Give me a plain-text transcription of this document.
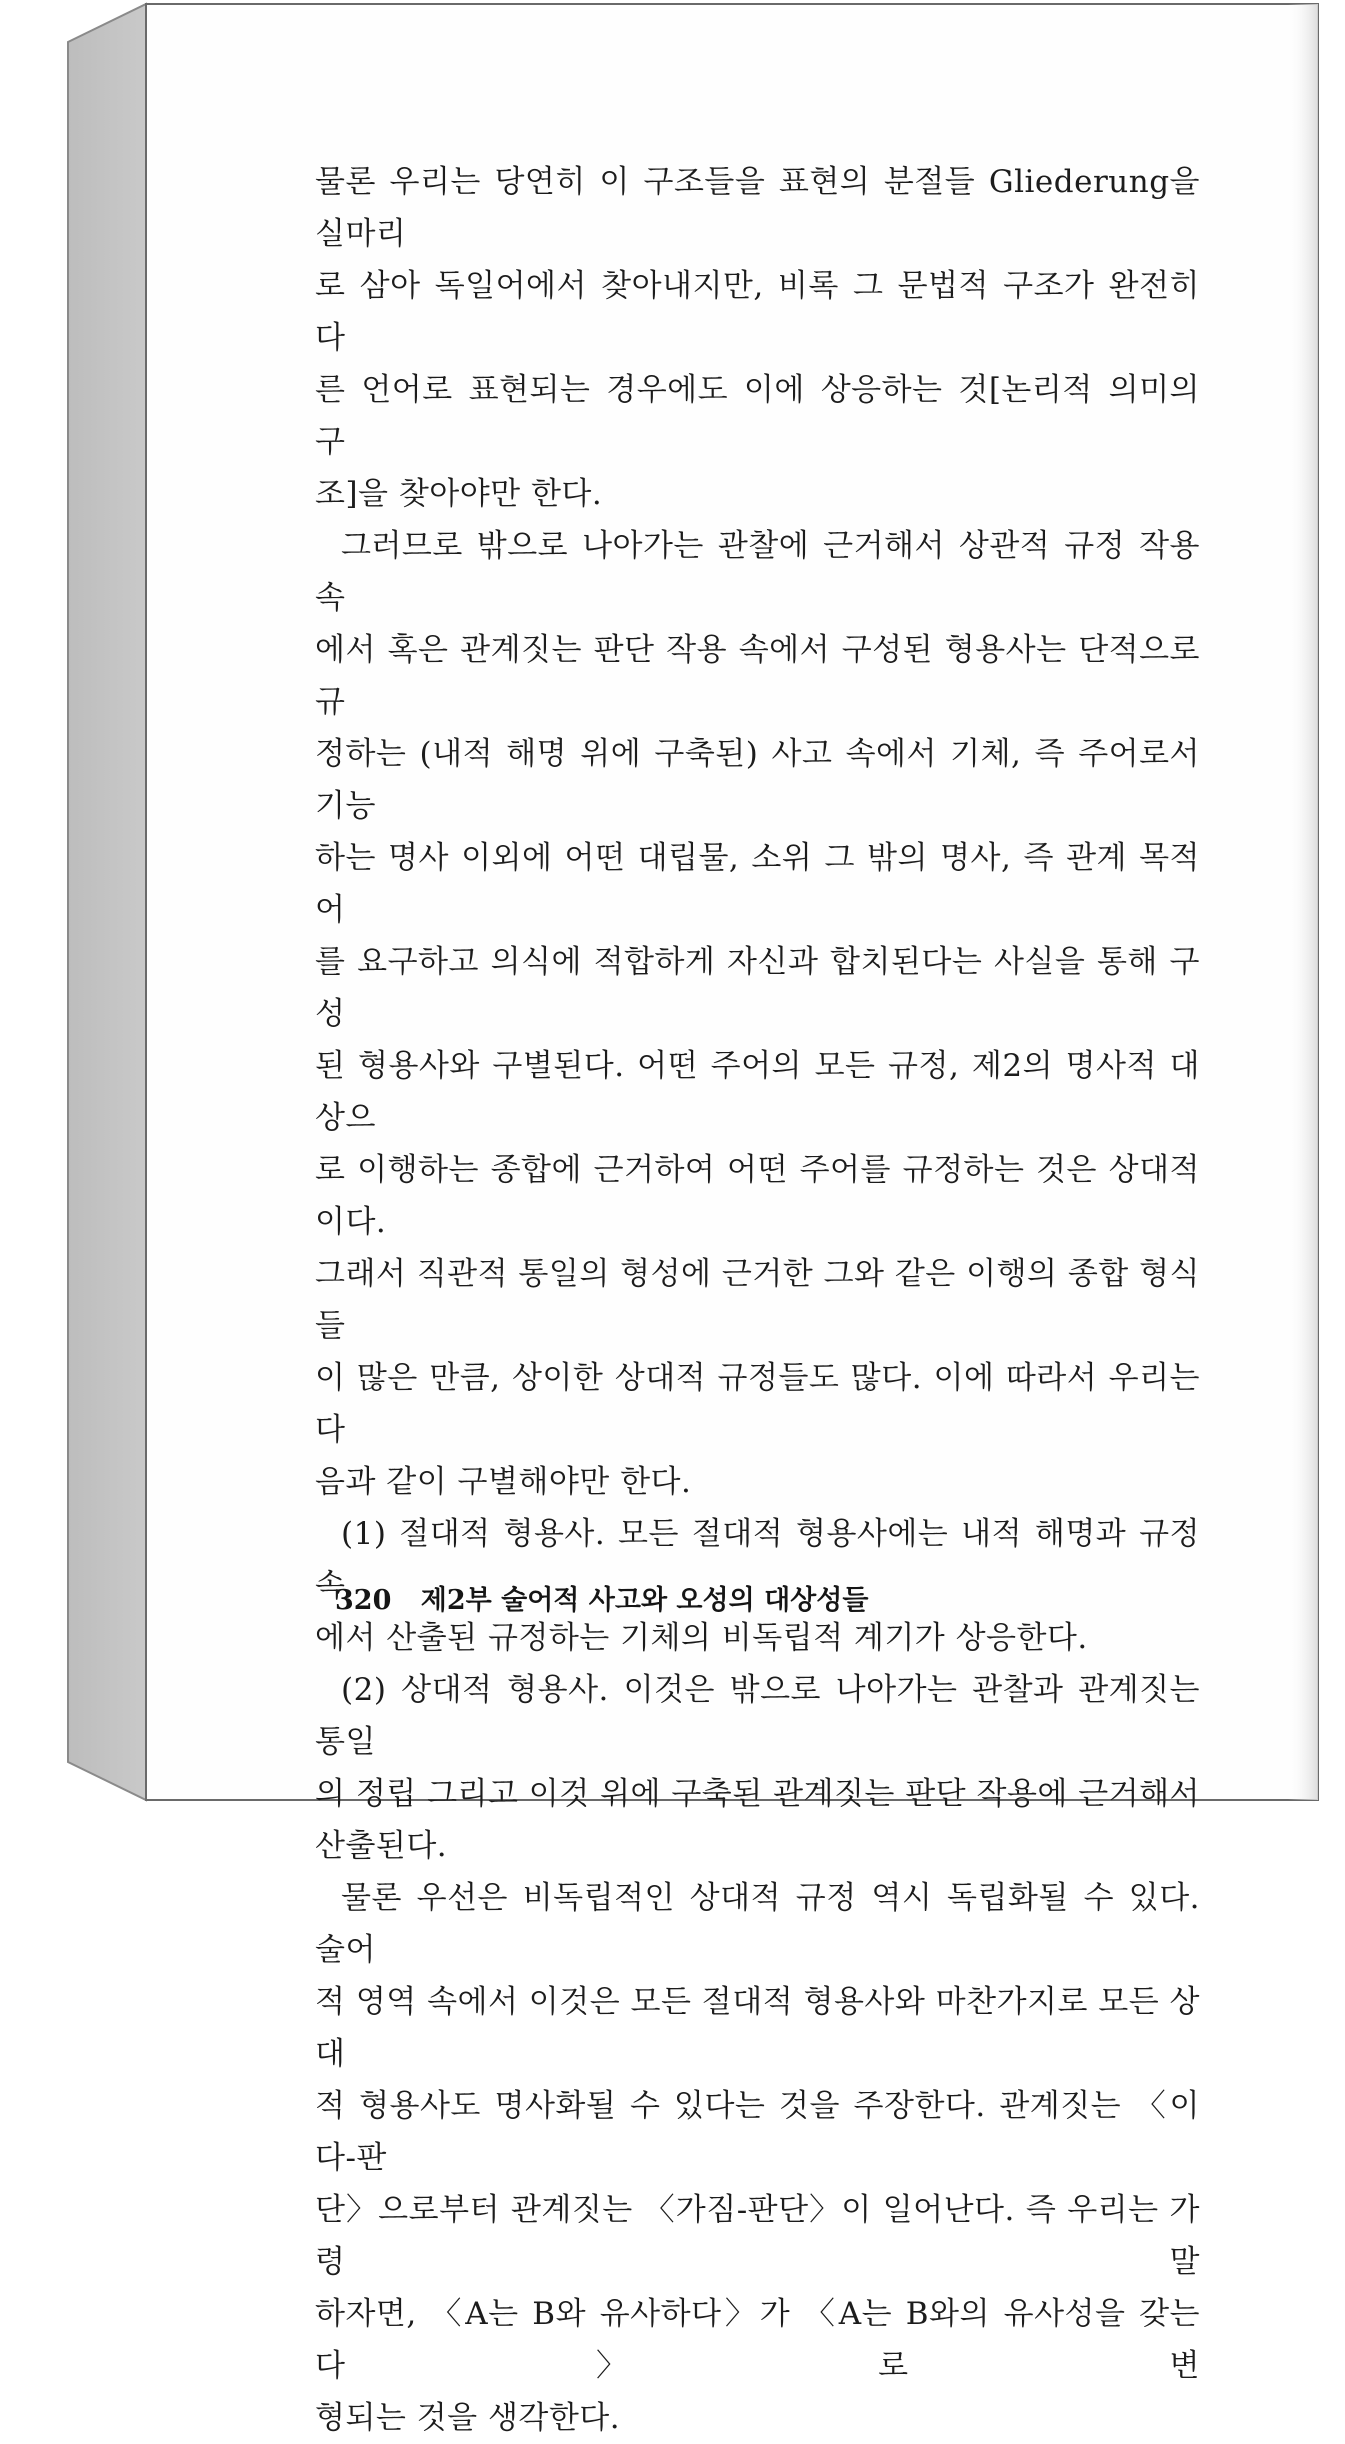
물론 우리는 당연히 이 구조들을 표현의 분절들 Gliederung을 실마리
로 삼아 독일어에서 찾아내지만, 비록 그 문법적 구조가 완전히 다
른 언어로 표현되는 경우에도 이에 상응하는 것[논리적 의미의 구
조]을 찾아야만 한다.
그러므로 밖으로 나아가는 관찰에 근거해서 상관적 규정 작용 속
에서 혹은 관계짓는 판단 작용 속에서 구성된 형용사는 단적으로 규
정하는 (내적 해명 위에 구축된) 사고 속에서 기체, 즉 주어로서 기능
하는 명사 이외에 어떤 대립물, 소위 그 밖의 명사, 즉 관계 목적어
를 요구하고 의식에 적합하게 자신과 합치된다는 사실을 통해 구성
된 형용사와 구별된다. 어떤 주어의 모든 규정, 제2의 명사적 대상으
로 이행하는 종합에 근거하여 어떤 주어를 규정하는 것은 상대적이다.
그래서 직관적 통일의 형성에 근거한 그와 같은 이행의 종합 형식들
이 많은 만큼, 상이한 상대적 규정들도 많다. 이에 따라서 우리는 다
음과 같이 구별해야만 한다.
(1) 절대적 형용사. 모든 절대적 형용사에는 내적 해명과 규정 속
에서 산출된 규정하는 기체의 비독립적 계기가 상응한다.
(2) 상대적 형용사. 이것은 밖으로 나아가는 관찰과 관계짓는 통일
의 정립 그리고 이것 위에 구축된 관계짓는 판단 작용에 근거해서
산출된다.
물론 우선은 비독립적인 상대적 규정 역시 독립화될 수 있다. 술어
적 영역 속에서 이것은 모든 절대적 형용사와 마찬가지로 모든 상대
적 형용사도 명사화될 수 있다는 것을 주장한다. 관계짓는 〈이다-판
단〉으로부터 관계짓는 〈가짐-판단〉이 일어난다. 즉 우리는 가령 말
하자면, 〈A는 B와 유사하다〉가 〈A는 B와의 유사성을 갖는다〉로 변
형되는 것을 생각한다.
320 제2부 술어적 사고와 오성의 대상성들
